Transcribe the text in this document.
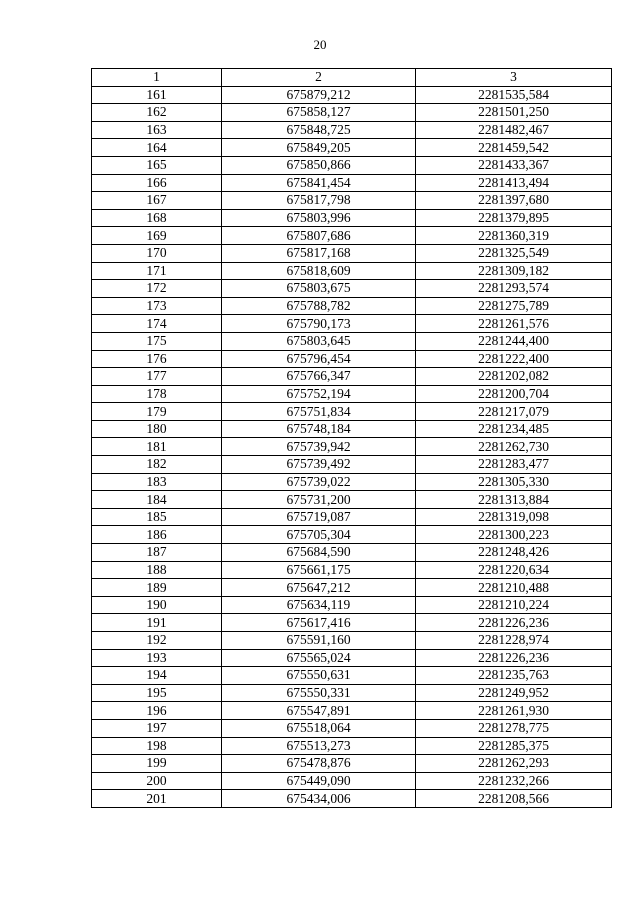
20
1	2	3
161	675879,212	2281535,584
162	675858,127	2281501,250
163	675848,725	2281482,467
164	675849,205	2281459,542
165	675850,866	2281433,367
166	675841,454	2281413,494
167	675817,798	2281397,680
168	675803,996	2281379,895
169	675807,686	2281360,319
170	675817,168	2281325,549
171	675818,609	2281309,182
172	675803,675	2281293,574
173	675788,782	2281275,789
174	675790,173	2281261,576
175	675803,645	2281244,400
176	675796,454	2281222,400
177	675766,347	2281202,082
178	675752,194	2281200,704
179	675751,834	2281217,079
180	675748,184	2281234,485
181	675739,942	2281262,730
182	675739,492	2281283,477
183	675739,022	2281305,330
184	675731,200	2281313,884
185	675719,087	2281319,098
186	675705,304	2281300,223
187	675684,590	2281248,426
188	675661,175	2281220,634
189	675647,212	2281210,488
190	675634,119	2281210,224
191	675617,416	2281226,236
192	675591,160	2281228,974
193	675565,024	2281226,236
194	675550,631	2281235,763
195	675550,331	2281249,952
196	675547,891	2281261,930
197	675518,064	2281278,775
198	675513,273	2281285,375
199	675478,876	2281262,293
200	675449,090	2281232,266
201	675434,006	2281208,566
